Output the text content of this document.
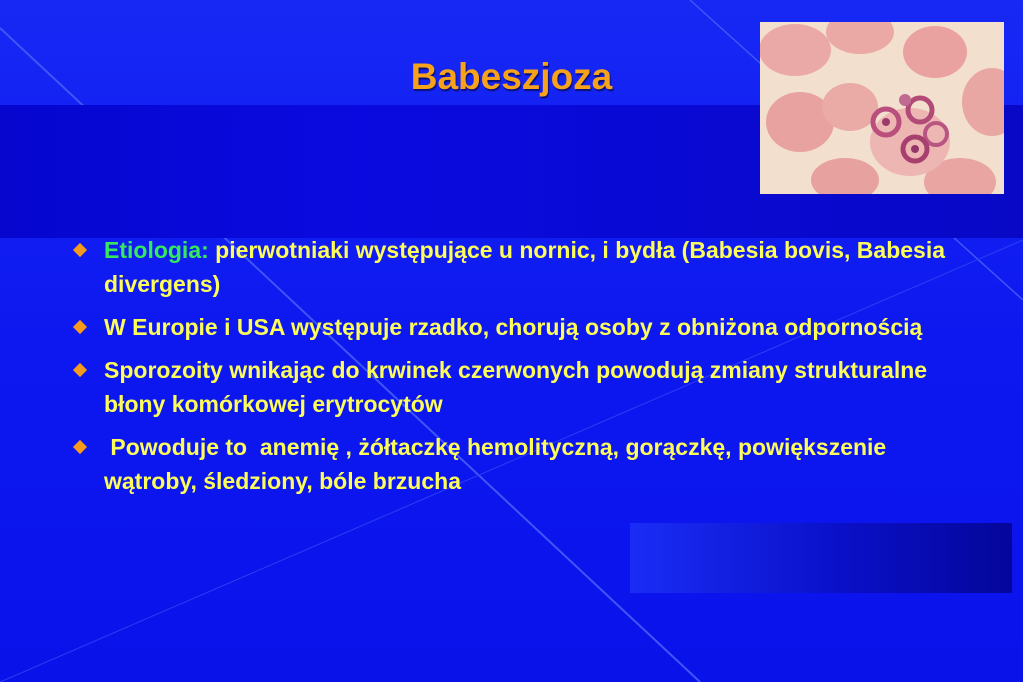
Babeszjoza
Etiologia: pierwotniaki występujące u nornic, i bydła (Babesia bovis, Babesia divergens)
W Europie i USA występuje rzadko, chorują osoby z obniżona odpornością
Sporozoity wnikając do krwinek czerwonych powodują zmiany strukturalne błony komórkowej erytrocytów
Powoduje to  anemię , żółtaczkę hemolityczną, gorączkę, powiększenie wątroby, śledziony, bóle brzucha
